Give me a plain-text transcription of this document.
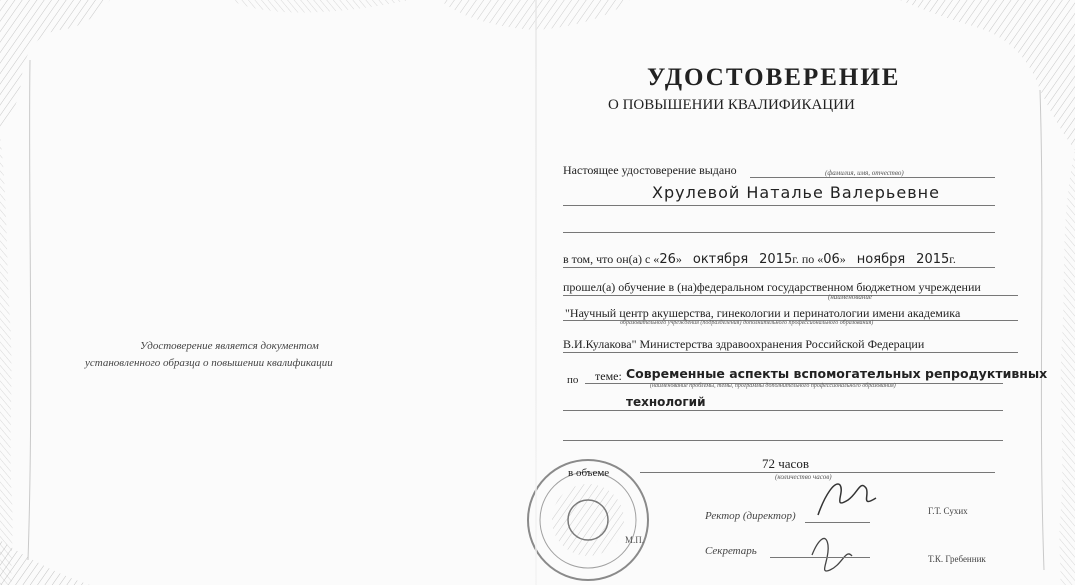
Удостоверение является документом
установленного образца о повышении квалификации
УДОСТОВЕРЕНИЕ
О ПОВЫШЕНИИ КВАЛИФИКАЦИИ
Настоящее удостоверение выдано	(фамилия, имя, отчество)
Хрулевой Наталье Валерьевне
в том, что он(а) с «26» октября 2015г. по «06» ноября 2015г.
прошел(а) обучение в (на)федеральном государственном бюджетном учреждении
(наименование
"Научный центр акушерства, гинекологии и перинатологии имени академика
образовательного учреждения (подразделения) дополнительного профессионального образования)
В.И.Кулакова" Министерства здравоохранения Российской Федерации
по теме: Современные аспекты вспомогательных репродуктивных
(наименование проблемы, темы, программы дополнительного профессионального образования)
технологий
в объеме
72 часов
(количество часов)
М.П.
Ректор (директор)	Г.Т. Сухих
Секретарь
Т.К. Гребенник
